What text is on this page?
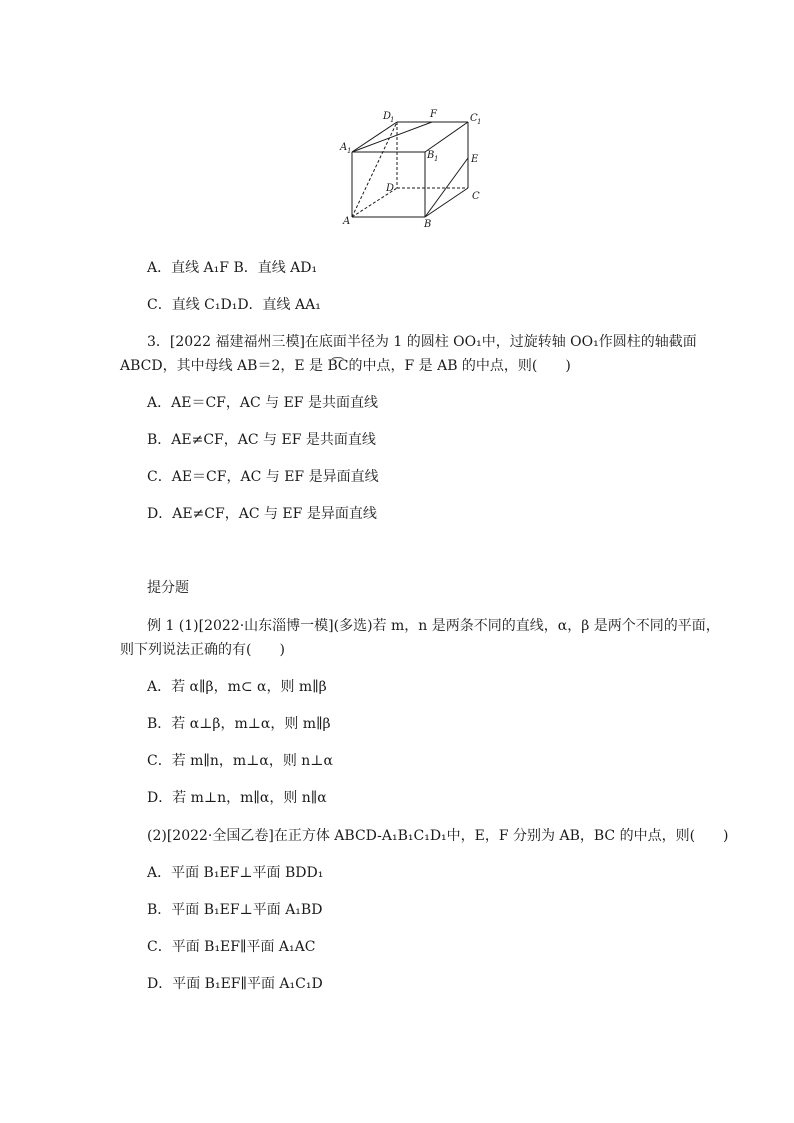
D
1	F	C 1
A 1	B 1	E
D
C
A	B
A．直线 A₁F B．直线 AD₁
C．直线 C₁D₁D．直线 AA₁
3．[2022 福建福州三模]在底面半径为 1 的圆柱 OO₁中，过旋转轴 OO₁作圆柱的轴截面
ABCD，其中母线 AB＝2，E 是 B͡C的中点，F 是 AB 的中点，则(　　)
A．AE＝CF，AC 与 EF 是共面直线
B．AE≠CF，AC 与 EF 是共面直线
C．AE＝CF，AC 与 EF 是异面直线
D．AE≠CF，AC 与 EF 是异面直线
提分题
例 1 (1)[2022·山东淄博一模](多选)若 m，n 是两条不同的直线，α，β 是两个不同的平面，
则下列说法正确的有(　　)
A．若 α∥β，m⊂ α，则 m∥β
B．若 α⊥β，m⊥α，则 m∥β
C．若 m∥n，m⊥α，则 n⊥α
D．若 m⊥n，m∥α，则 n∥α
(2)[2022·全国乙卷]在正方体 ABCD-A₁B₁C₁D₁中，E，F 分别为 AB，BC 的中点，则(　　)
A．平面 B₁EF⊥平面 BDD₁
B．平面 B₁EF⊥平面 A₁BD
C．平面 B₁EF∥平面 A₁AC
D．平面 B₁EF∥平面 A₁C₁D
